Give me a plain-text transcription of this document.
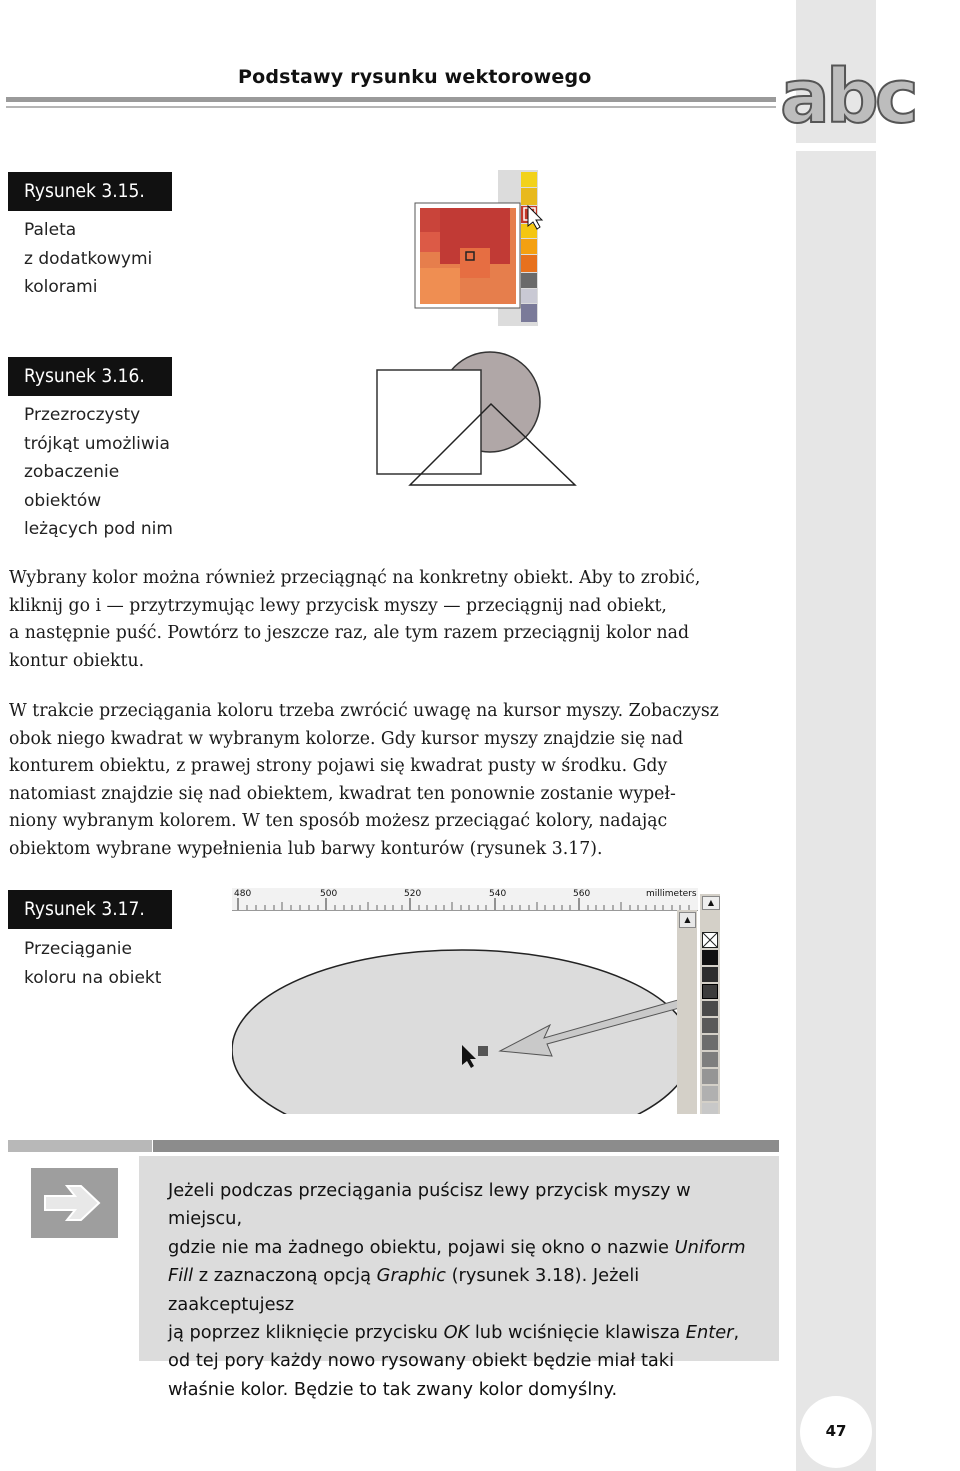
Podstawy rysunku wektorowego	abc
Rysunek 3.15.
Paleta
z dodatkowymi
kolorami
Rysunek 3.16.
Przezroczysty
trójkąt umożliwia
zobaczenie
obiektów
leżących pod nim
Wybrany kolor można również przeciągnąć na konkretny obiekt. Aby to zrobić,
kliknij go i — przytrzymując lewy przycisk myszy — przeciągnij nad obiekt,
a następnie puść. Powtórz to jeszcze raz, ale tym razem przeciągnij kolor nad
kontur obiektu.
W trakcie przeciągania koloru trzeba zwrócić uwagę na kursor myszy. Zobaczysz
obok niego kwadrat w wybranym kolorze. Gdy kursor myszy znajdzie się nad
konturem obiektu, z prawej strony pojawi się kwadrat pusty w środku. Gdy
natomiast znajdzie się nad obiektem, kwadrat ten ponownie zostanie wypeł-
niony wybranym kolorem. W ten sposób możesz przeciągać kolory, nadając
obiektom wybrane wypełnienia lub barwy konturów (rysunek 3.17).
Rysunek 3.17.
Przeciąganie
koloru na obiekt
480	500	520	540	560	millimeters
▲
▲
Jeżeli podczas przeciągania puścisz lewy przycisk myszy w miejscu,
gdzie nie ma żadnego obiektu, pojawi się okno o nazwie Uniform
Fill z zaznaczoną opcją Graphic (rysunek 3.18). Jeżeli zaakceptujesz
ją poprzez kliknięcie przycisku OK lub wciśnięcie klawisza Enter,
od tej pory każdy nowo rysowany obiekt będzie miał taki
właśnie kolor. Będzie to tak zwany kolor domyślny.
47
